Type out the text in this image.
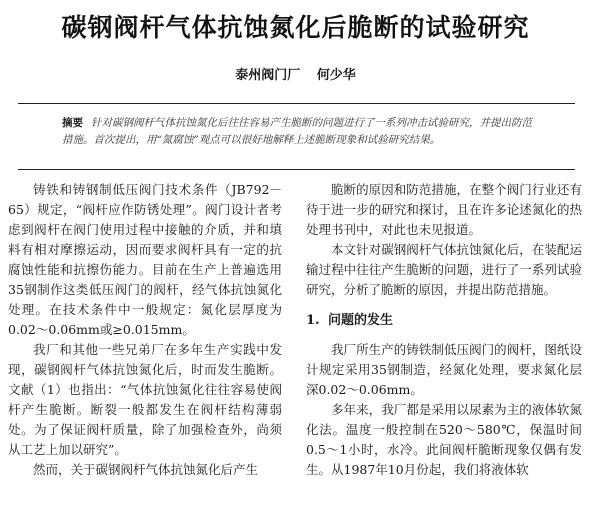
碳钢阀杆气体抗蚀氮化后脆断的试验研究
泰州阀门厂 何少华
摘要 针对碳钢阀杆气体抗蚀氮化后往往容易产生脆断的问题进行了一系列冲击试验研究，并提出防范措施。首次提出，用“氮腐蚀”观点可以很好地解释上述脆断现象和试验研究结果。

铸铁和铸钢制低压阀门技术条件（JB792－65）规定，“阀杆应作防锈处理”。阀门设计者考虑到阀杆在阀门使用过程中接触的介质，并和填料有相对摩擦运动，因而要求阀杆具有一定的抗腐蚀性能和抗擦伤能力。目前在生产上普遍选用35钢制作这类低压阀门的阀杆，经气体抗蚀氮化处理。在技术条件中一般规定：氮化层厚度为0.02～0.06mm或≥0.015mm。

我厂和其他一些兄弟厂在多年生产实践中发现，碳钢阀杆气体抗蚀氮化后，时而发生脆断。文献（1）也指出：“气体抗蚀氮化往往容易使阀杆产生脆断。断裂一般都发生在阀杆结构薄弱处。为了保证阀杆质量，除了加强检查外，尚须从工艺上加以研究”。

然而，关于碳钢阀杆气体抗蚀氮化后产生

脆断的原因和防范措施，在整个阀门行业还有待于进一步的研究和探讨，且在许多论述氮化的热处理书刊中，对此也未见报道。

本文针对碳钢阀杆气体抗蚀氮化后，在装配运输过程中往往产生脆断的问题，进行了一系列试验研究，分析了脆断的原因，并提出防范措施。

1. 问题的发生

我厂所生产的铸铁制低压阀门的阀杆，图纸设计规定采用35钢制造，经氮化处理，要求氮化层深0.02～0.06mm。

多年来，我厂都是采用以尿素为主的液体软氮化法。温度一般控制在520～580℃，保温时间0.5～1小时，水冷。此间阀杆脆断现象仅偶有发生。从1987年10月份起，我们将液体软
